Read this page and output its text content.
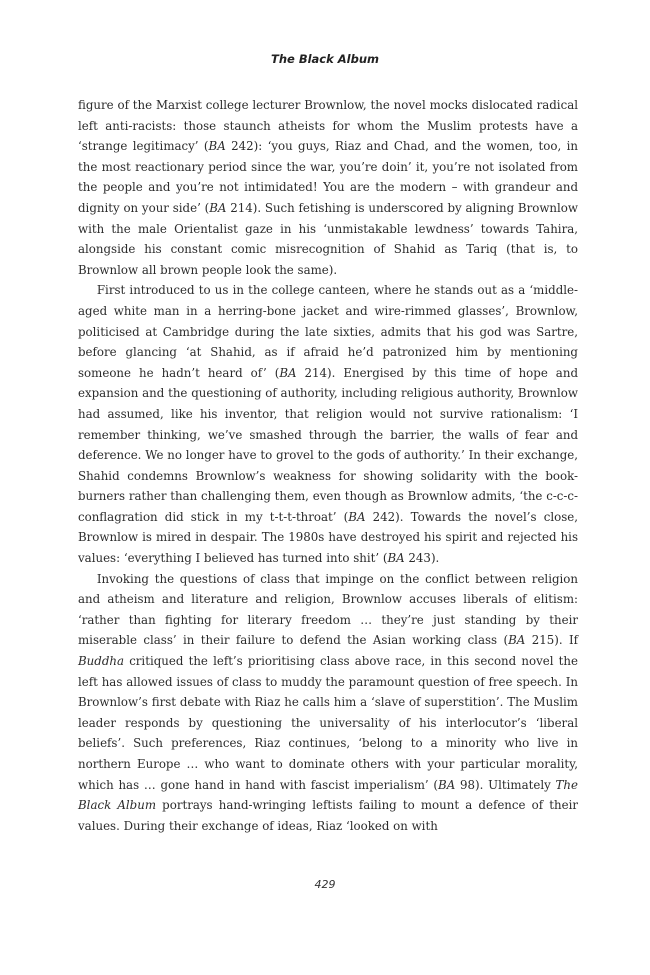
The Black Album

figure of the Marxist college lecturer Brownlow, the novel mocks dislocated radical left anti-racists: those staunch atheists for whom the Muslim protests have a ‘strange legitimacy’ (BA 242): ‘you guys, Riaz and Chad, and the women, too, in the most reactionary period since the war, you’re doin’ it, you’re not isolated from the people and you’re not intimidated! You are the modern – with grandeur and dignity on your side’ (BA 214). Such fetishing is underscored by aligning Brownlow with the male Orientalist gaze in his ‘unmistakable lewdness’ towards Tahira, alongside his constant comic misrecognition of Shahid as Tariq (that is, to Brownlow all brown people look the same).

First introduced to us in the college canteen, where he stands out as a ‘middle-aged white man in a herring-bone jacket and wire-rimmed glasses’, Brownlow, politicised at Cambridge during the late sixties, admits that his god was Sartre, before glancing ‘at Shahid, as if afraid he’d patronized him by mentioning someone he hadn’t heard of’ (BA 214). Energised by this time of hope and expansion and the questioning of authority, including religious authority, Brownlow had assumed, like his inventor, that religion would not survive rationalism: ‘I remember thinking, we’ve smashed through the barrier, the walls of fear and deference. We no longer have to grovel to the gods of authority.’ In their exchange, Shahid condemns Brownlow’s weakness for showing solidarity with the book-burners rather than challenging them, even though as Brownlow admits, ‘the c-c-c-conflagration did stick in my t-t-t-throat’ (BA 242). Towards the novel’s close, Brownlow is mired in despair. The 1980s have destroyed his spirit and rejected his values: ‘everything I believed has turned into shit’ (BA 243).

Invoking the questions of class that impinge on the conflict between religion and atheism and literature and religion, Brownlow accuses liberals of elitism: ‘rather than fighting for literary freedom … they’re just standing by their miserable class’ in their failure to defend the Asian working class (BA 215). If Buddha critiqued the left’s prioritising class above race, in this second novel the left has allowed issues of class to muddy the paramount question of free speech. In Brownlow’s first debate with Riaz he calls him a ‘slave of superstition’. The Muslim leader responds by questioning the universality of his interlocutor’s ‘liberal beliefs’. Such preferences, Riaz continues, ‘belong to a minority who live in northern Europe … who want to dominate others with your particular morality, which has … gone hand in hand with fascist imperialism’ (BA 98). Ultimately The Black Album portrays hand-wringing leftists failing to mount a defence of their values. During their exchange of ideas, Riaz ‘looked on with

429
